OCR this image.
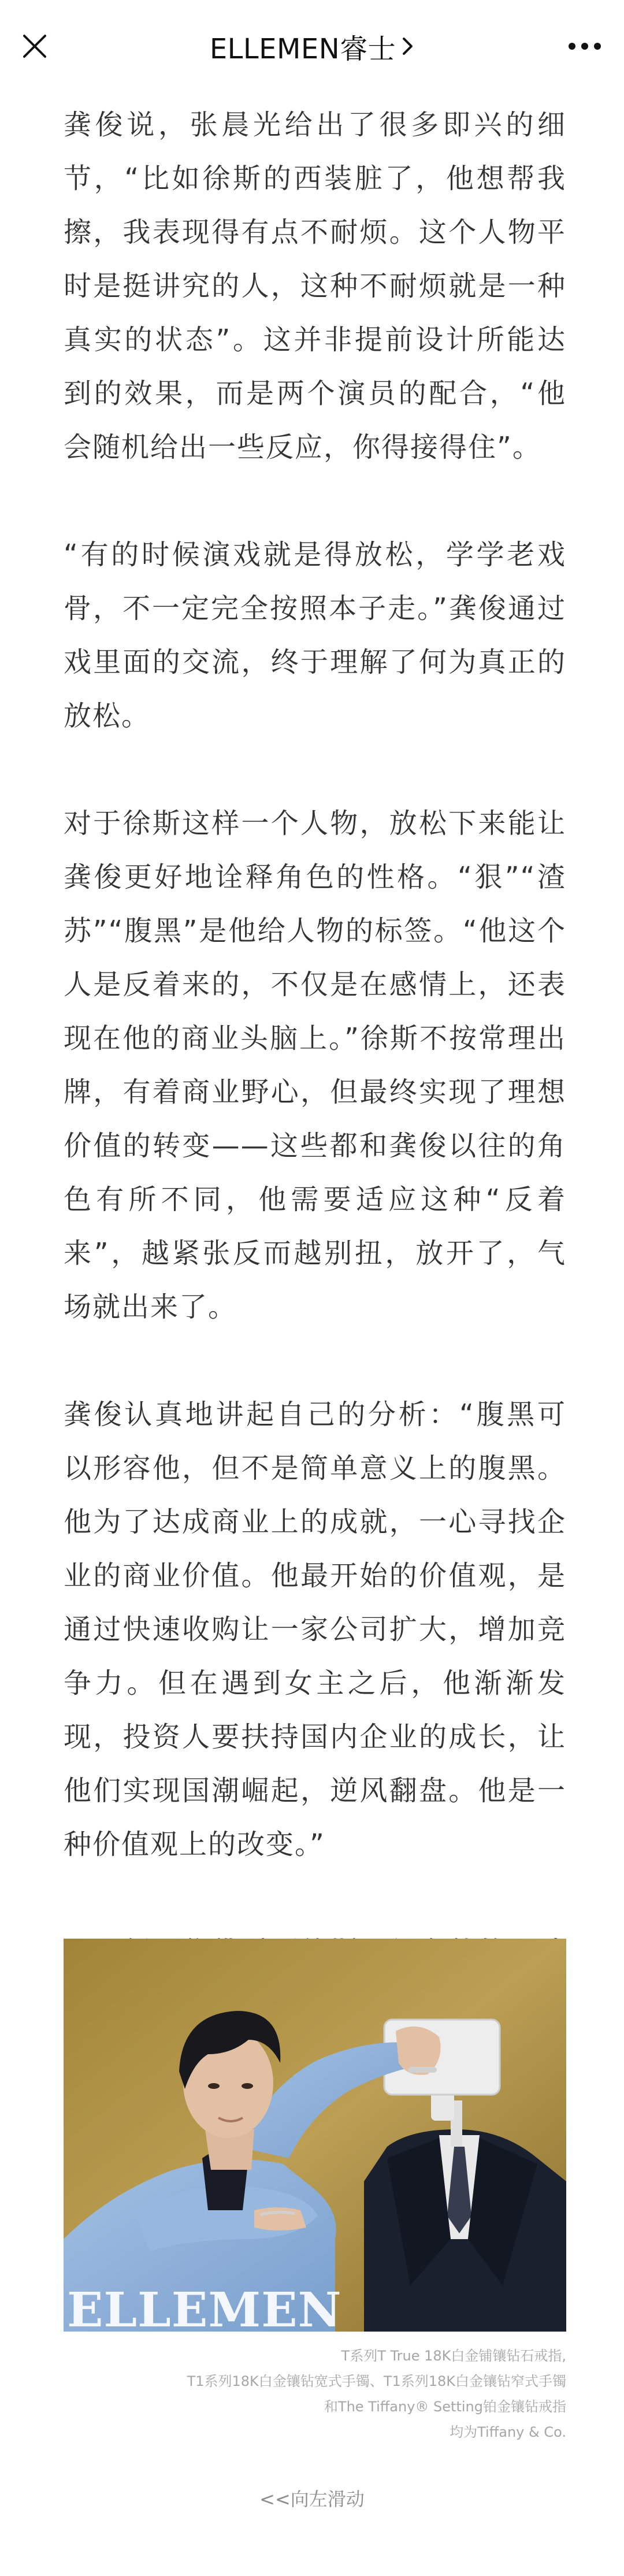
ELLEMEN睿士

龚俊说，张晨光给出了很多即兴的细节，“比如徐斯的西装脏了，他想帮我擦，我表现得有点不耐烦。这个人物平时是挺讲究的人，这种不耐烦就是一种真实的状态”。这并非提前设计所能达到的效果，而是两个演员的配合，“他会随机给出一些反应，你得接得住”。

“有的时候演戏就是得放松，学学老戏骨，不一定完全按照本子走。”龚俊通过戏里面的交流，终于理解了何为真正的放松。

对于徐斯这样一个人物，放松下来能让龚俊更好地诠释角色的性格。“狠”“渣苏”“腹黑”是他给人物的标签。“他这个人是反着来的，不仅是在感情上，还表现在他的商业头脑上。”徐斯不按常理出牌，有着商业野心，但最终实现了理想价值的转变——这些都和龚俊以往的角色有所不同，他需要适应这种“反着来”，越紧张反而越别扭，放开了，气场就出来了。

龚俊认真地讲起自己的分析：“腹黑可以形容他，但不是简单意义上的腹黑。他为了达成商业上的成就，一心寻找企业的商业价值。他最开始的价值观，是通过快速收购让一家公司扩大，增加竞争力。但在遇到女主之后，他渐渐发现，投资人要扶持国内企业的成长，让他们实现国潮崛起，逆风翻盘。他是一种价值观上的改变。”

ELLEMEN
T系列T True 18K白金铺镶钻石戒指,
T1系列18K白金镶钻宽式手镯、T1系列18K白金镶钻窄式手镯
和The Tiffany® Setting铂金镶钻戒指
均为Tiffany & Co.
<<向左滑动
